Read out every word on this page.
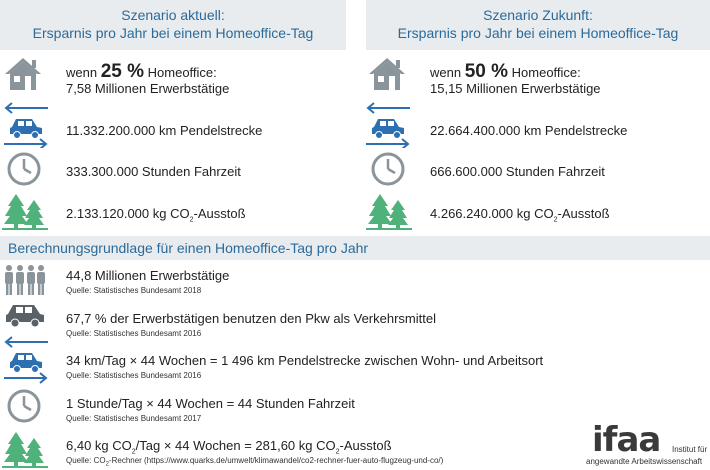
Szenario aktuell:
Ersparnis pro Jahr bei einem Homeoffice-Tag
Szenario Zukunft:
Ersparnis pro Jahr bei einem Homeoffice-Tag
wenn 25 % Homeoffice:
7,58 Millionen Erwerbstätige
11.332.200.000 km Pendelstrecke
333.300.000 Stunden Fahrzeit
2.133.120.000 kg $CO_2$-Ausstoß
wenn 50 % Homeoffice:
15,15 Millionen Erwerbstätige
22.664.400.000 km Pendelstrecke
666.600.000 Stunden Fahrzeit
4.266.240.000 kg $CO_2$-Ausstoß
Berechnungsgrundlage für einen Homeoffice-Tag pro Jahr
44,8 Millionen Erwerbstätige
Quelle: Statistisches Bundesamt 2018
67,7 % der Erwerbstätigen benutzen den Pkw als Verkehrsmittel
Quelle: Statistisches Bundesamt 2016
34 km/Tag × 44 Wochen = 1 496 km Pendelstrecke zwischen Wohn- und Arbeitsort
Quelle: Statistisches Bundesamt 2016
1 Stunde/Tag × 44 Wochen = 44 Stunden Fahrzeit
Quelle: Statistisches Bundesamt 2017
6,40 kg $CO_2$/Tag × 44 Wochen = 281,60 kg $CO_2$-Ausstoß
Quelle: $CO_2$-Rechner (https://www.quarks.de/umwelt/klimawandel/co2-rechner-fuer-auto-flugzeug-und-co/)
ifaa Institut für
angewandte Arbeitswissenschaft
